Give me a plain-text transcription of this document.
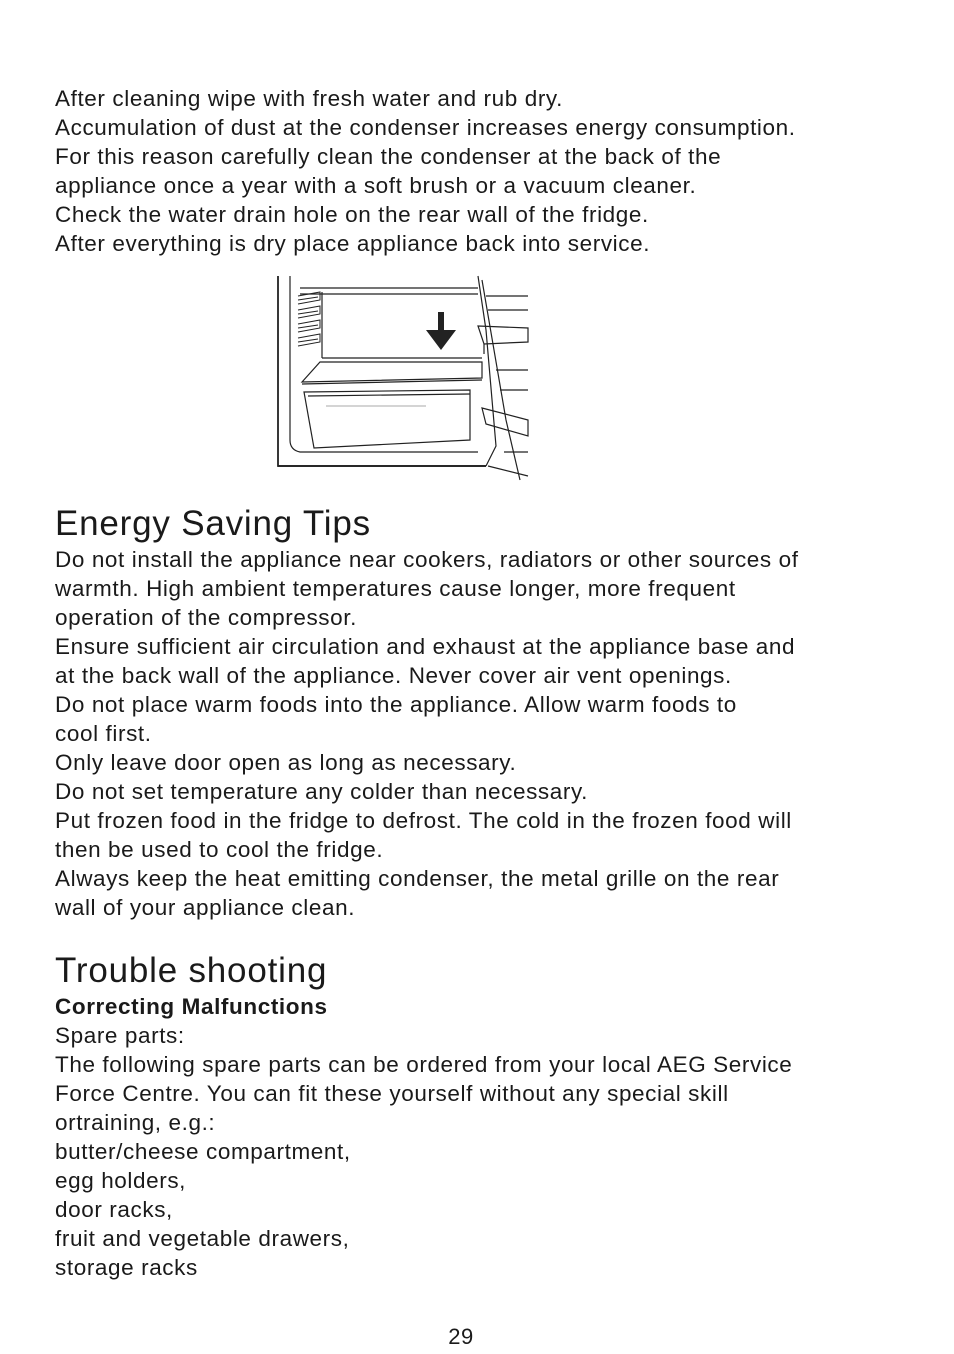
After cleaning wipe with fresh water and rub dry.
Accumulation of dust at the condenser increases energy consumption.
For this reason carefully clean the condenser at the back of the
appliance once a year with a soft brush or a vacuum cleaner.
Check the water drain hole on the rear wall of the fridge.
After everything is dry place appliance back into service.
Energy Saving Tips
Do not install the appliance near cookers, radiators or other sources of
warmth. High ambient temperatures cause longer, more frequent
operation of the compressor.
Ensure sufficient air circulation and exhaust at the appliance base and
at the back wall of the appliance. Never cover air vent openings.
Do not place warm foods into the appliance. Allow warm foods to
cool first.
Only leave door open as long as necessary.
Do not set temperature any colder than necessary.
Put frozen food in the fridge to defrost. The cold in the frozen food will
then be used to cool the fridge.
Always keep the heat emitting condenser, the metal grille on the rear
wall of your appliance clean.
Trouble shooting
Correcting Malfunctions
Spare parts:
The following spare parts can be ordered from your local AEG Service
Force Centre. You can fit these yourself without any special skill
ortraining, e.g.:
butter/cheese compartment,
egg holders,
door racks,
fruit and vegetable drawers,
storage racks
29
